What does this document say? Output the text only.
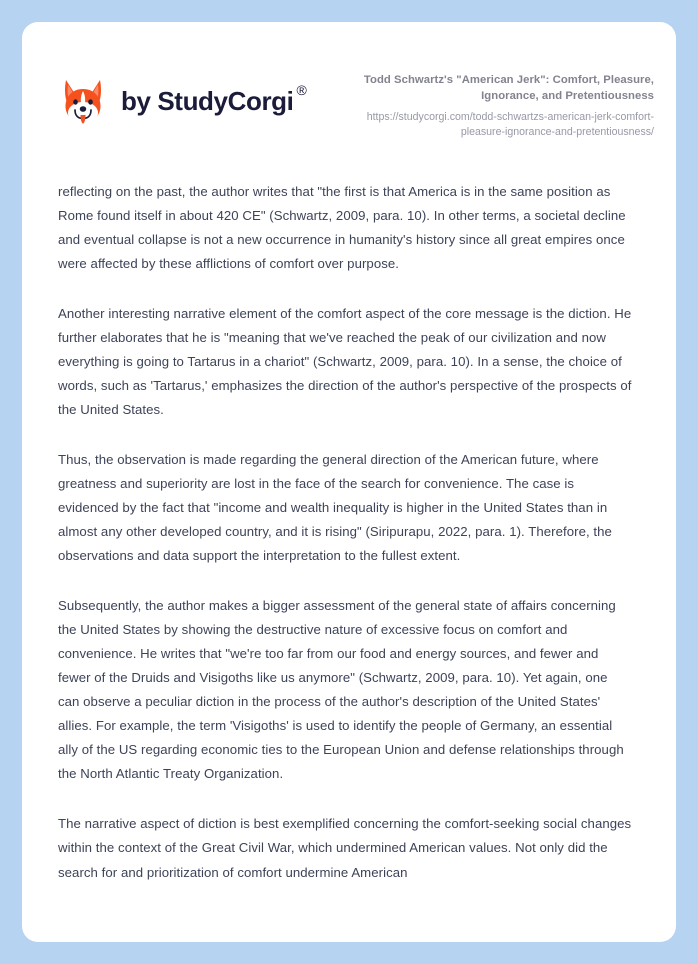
by StudyCorgi ®

Todd Schwartz's "American Jerk": Comfort, Pleasure, Ignorance, and Pretentiousness

https://studycorgi.com/todd-schwartzs-american-jerk-comfort-pleasure-ignorance-and-pretentiousness/

reflecting on the past, the author writes that "the first is that America is in the same position as Rome found itself in about 420 CE" (Schwartz, 2009, para. 10). In other terms, a societal decline and eventual collapse is not a new occurrence in humanity's history since all great empires once were affected by these afflictions of comfort over purpose.

Another interesting narrative element of the comfort aspect of the core message is the diction. He further elaborates that he is "meaning that we've reached the peak of our civilization and now everything is going to Tartarus in a chariot" (Schwartz, 2009, para. 10). In a sense, the choice of words, such as 'Tartarus,' emphasizes the direction of the author's perspective of the prospects of the United States.

Thus, the observation is made regarding the general direction of the American future, where greatness and superiority are lost in the face of the search for convenience. The case is evidenced by the fact that "income and wealth inequality is higher in the United States than in almost any other developed country, and it is rising" (Siripurapu, 2022, para. 1). Therefore, the observations and data support the interpretation to the fullest extent.

Subsequently, the author makes a bigger assessment of the general state of affairs concerning the United States by showing the destructive nature of excessive focus on comfort and convenience. He writes that "we're too far from our food and energy sources, and fewer and fewer of the Druids and Visigoths like us anymore" (Schwartz, 2009, para. 10). Yet again, one can observe a peculiar diction in the process of the author's description of the United States' allies. For example, the term 'Visigoths' is used to identify the people of Germany, an essential ally of the US regarding economic ties to the European Union and defense relationships through the North Atlantic Treaty Organization.

The narrative aspect of diction is best exemplified concerning the comfort-seeking social changes within the context of the Great Civil War, which undermined American values. Not only did the search for and prioritization of comfort undermine American
